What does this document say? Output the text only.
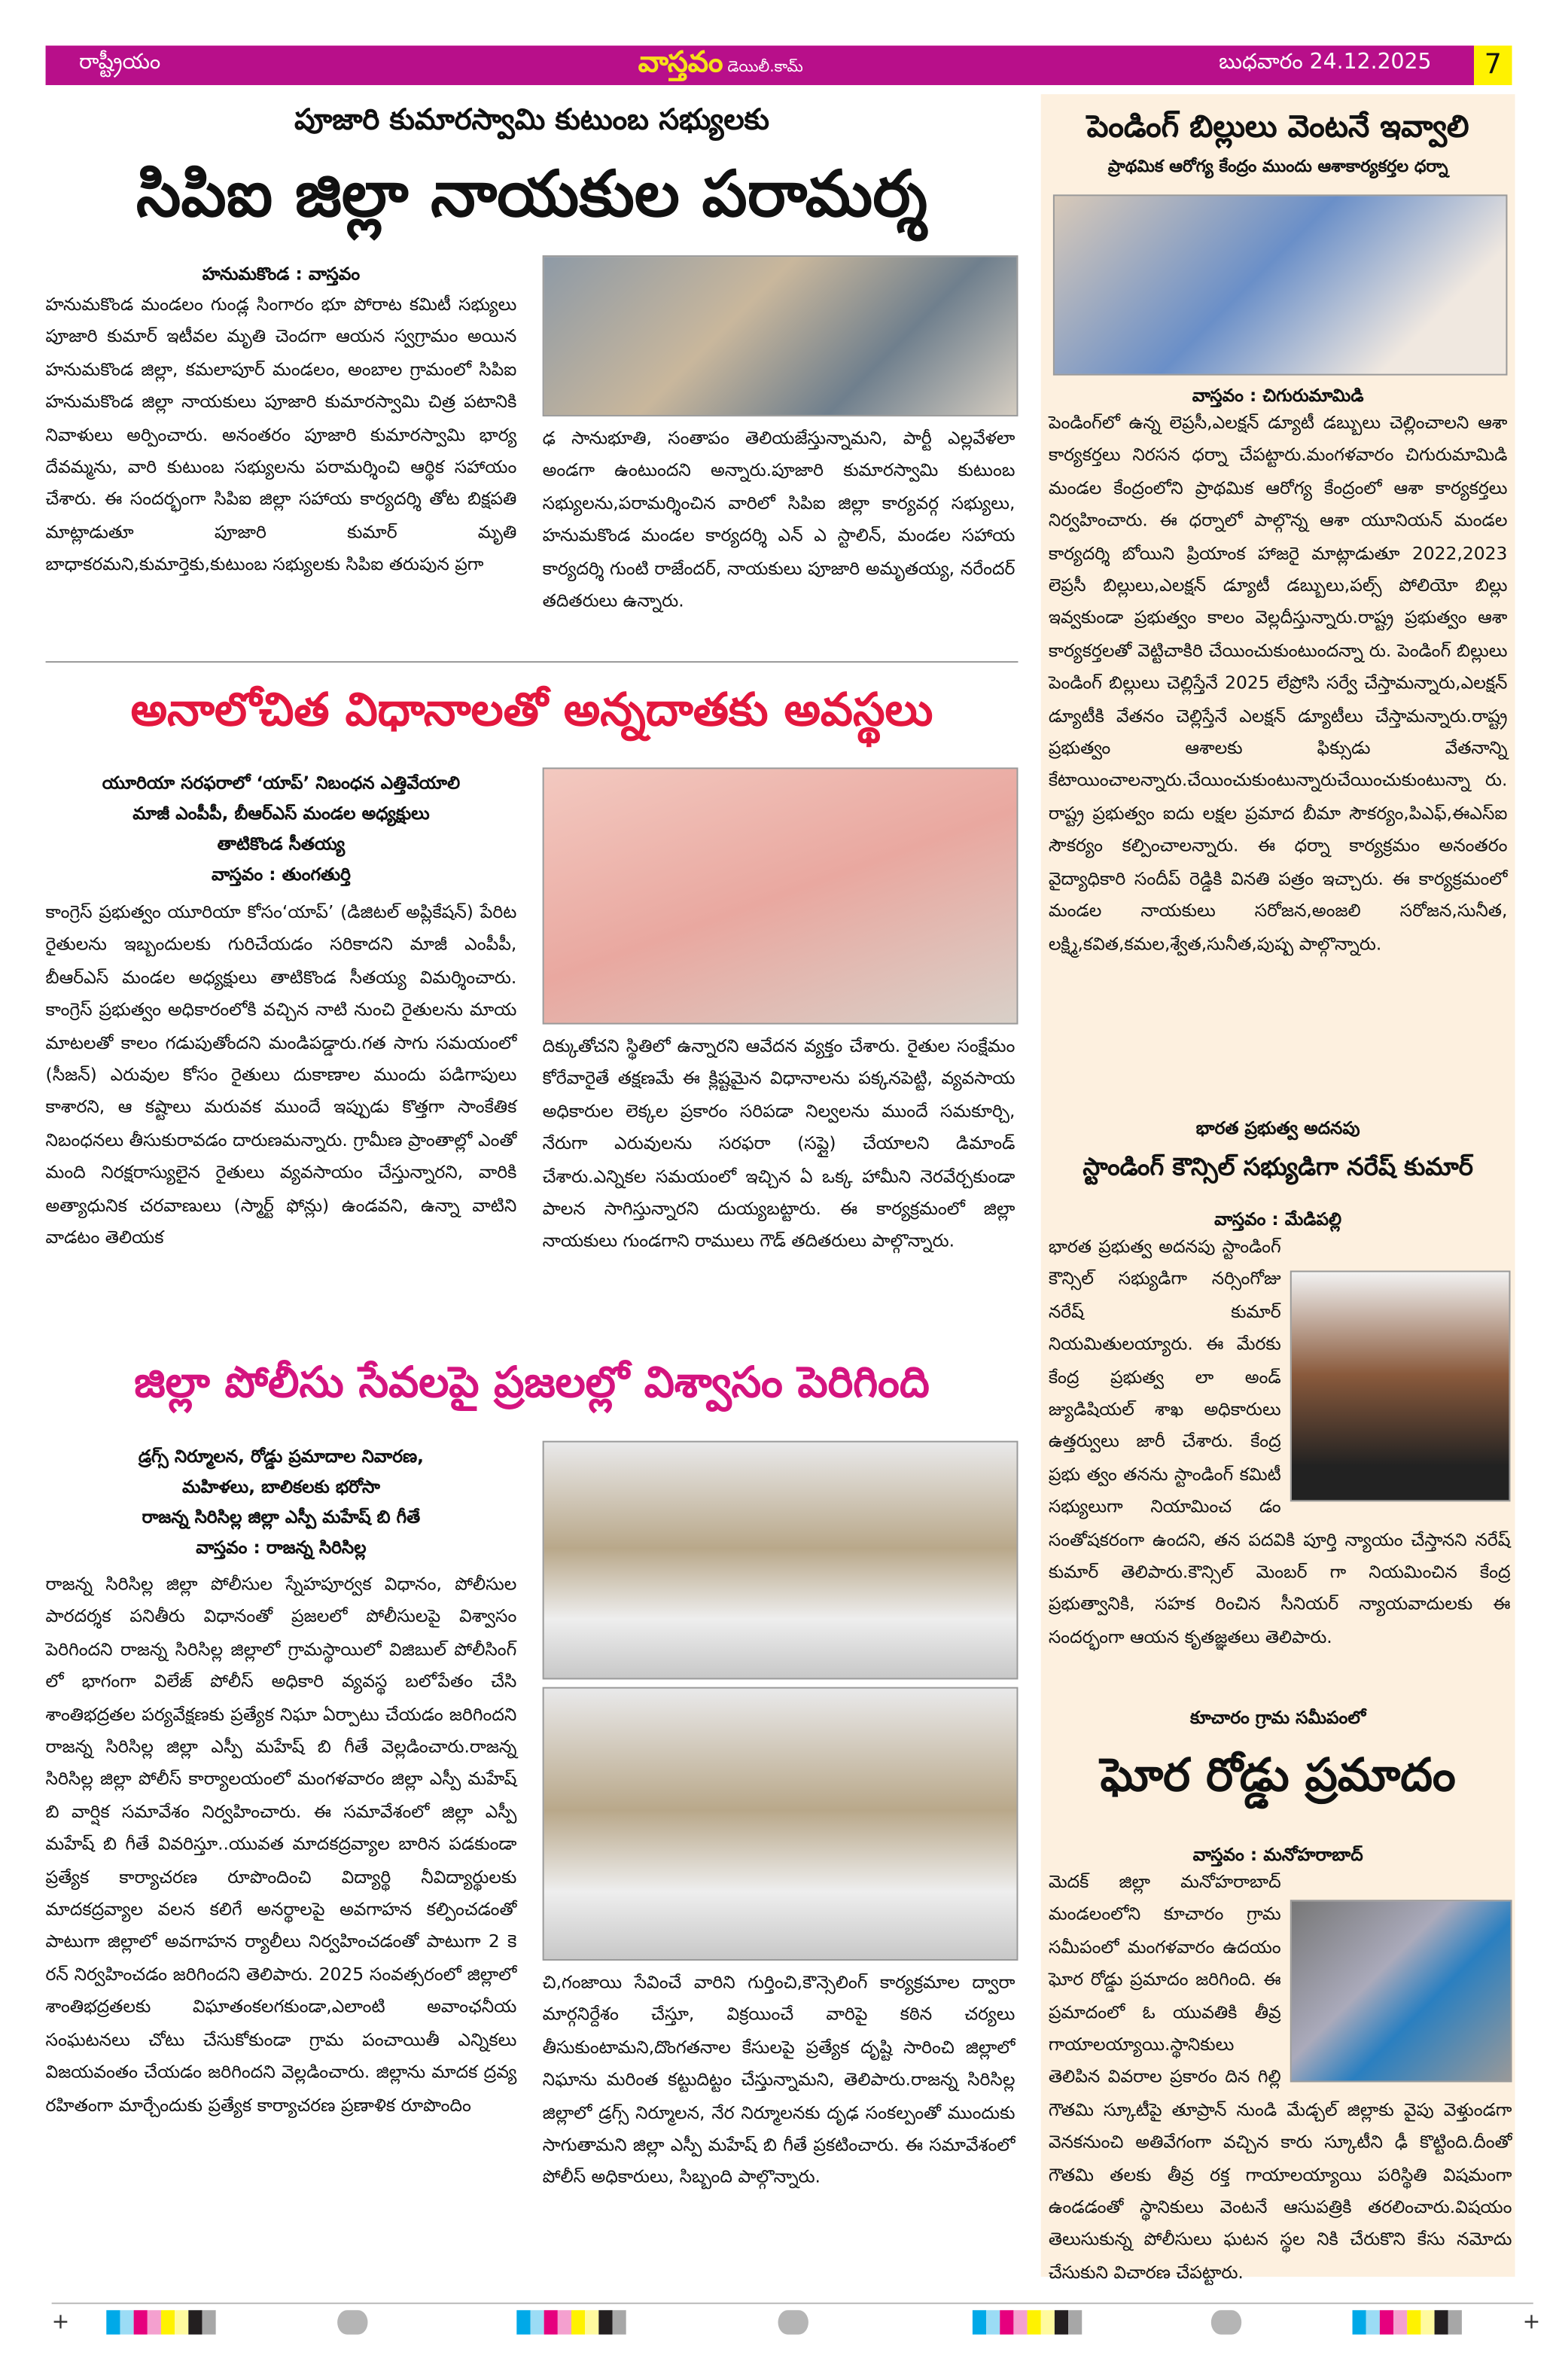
రాష్ట్రీయం	వాస్తవం డెయిలీ.కామ్	బుధవారం 24.12.2025	7
పూజారి కుమారస్వామి కుటుంబ సభ్యులకు
సిపిఐ జిల్లా నాయకుల పరామర్శ
హనుమకొండ : వాస్తవం
హనుమకొండ మండలం గుండ్ల సింగారం భూ పోరాట కమిటీ సభ్యులు పూజారి కుమార్ ఇటీవల మృతి చెందగా ఆయన స్వగ్రామం అయిన హనుమకొండ జిల్లా, కమలాపూర్ మండలం, అంబాల గ్రామంలో సిపిఐ హనుమకొండ జిల్లా నాయకులు పూజారి కుమారస్వామి చిత్ర పటానికి నివాళులు అర్పించారు. అనంతరం పూజారి కుమారస్వామి భార్య దేవమ్మను, వారి కుటుంబ సభ్యులను పరామర్శించి ఆర్థిక సహాయం చేశారు. ఈ సందర్భంగా సిపిఐ జిల్లా సహాయ కార్యదర్శి తోట బిక్షపతి మాట్లాడుతూ పూజారి కుమార్ మృతి బాధాకరమని,కుమార్తెకు,కుటుంబ సభ్యులకు సిపిఐ తరుపున ప్రగా
ఢ సానుభూతి, సంతాపం తెలియజేస్తున్నామని, పార్టీ ఎల్లవేళలా అండగా ఉంటుందని అన్నారు.పూజారి కుమారస్వామి కుటుంబ సభ్యులను,పరామర్శించిన వారిలో సిపిఐ జిల్లా కార్యవర్గ సభ్యులు, హనుమకొండ మండల కార్యదర్శి ఎన్ ఎ స్టాలిన్, మండల సహాయ కార్యదర్శి గుంటి రాజేందర్, నాయకులు పూజారి అమృతయ్య, నరేందర్ తదితరులు ఉన్నారు.
అనాలోచిత విధానాలతో అన్నదాతకు అవస్థలు
యూరియా సరఫరాలో ‘యాప్’ నిబంధన ఎత్తివేయాలి
మాజీ ఎంపీపీ, బీఆర్ఎస్ మండల అధ్యక్షులు
తాటికొండ సీతయ్య
వాస్తవం : తుంగతుర్తి
కాంగ్రెస్ ప్రభుత్వం యూరియా కోసం‘యాప్’ (డిజిటల్ అప్లికేషన్) పేరిట రైతులను ఇబ్బందులకు గురిచేయడం సరికాదని మాజీ ఎంపీపీ, బీఆర్ఎస్ మండల అధ్యక్షులు తాటికొండ సీతయ్య విమర్శించారు. కాంగ్రెస్ ప్రభుత్వం అధికారంలోకి వచ్చిన నాటి నుంచి రైతులను మాయ మాటలతో కాలం గడుపుతోందని మండిపడ్డారు.గత సాగు సమయంలో (సీజన్) ఎరువుల కోసం రైతులు దుకాణాల ముందు పడిగాపులు కాశారని, ఆ కష్టాలు మరువక ముందే ఇప్పుడు కొత్తగా సాంకేతిక నిబంధనలు తీసుకురావడం దారుణమన్నారు. గ్రామీణ ప్రాంతాల్లో ఎంతో మంది నిరక్షరాస్యులైన రైతులు వ్యవసాయం చేస్తున్నారని, వారికి అత్యాధునిక చరవాణులు (స్మార్ట్ ఫోన్లు) ఉండవని, ఉన్నా వాటిని వాడటం తెలియక
దిక్కుతోచని స్థితిలో ఉన్నారని ఆవేదన వ్యక్తం చేశారు. రైతుల సంక్షేమం కోరేవారైతే తక్షణమే ఈ క్లిష్టమైన విధానాలను పక్కనపెట్టి, వ్యవసాయ అధికారుల లెక్కల ప్రకారం సరిపడా నిల్వలను ముందే సమకూర్చి, నేరుగా ఎరువులను సరఫరా (సప్లై) చేయాలని డిమాండ్ చేశారు.ఎన్నికల సమయంలో ఇచ్చిన ఏ ఒక్క హామీని నెరవేర్చకుండా పాలన సాగిస్తున్నారని దుయ్యబట్టారు. ఈ కార్యక్రమంలో జిల్లా నాయకులు గుండగాని రాములు గౌడ్ తదితరులు పాల్గొన్నారు.
జిల్లా పోలీసు సేవలపై ప్రజలల్లో విశ్వాసం పెరిగింది
డ్రగ్స్ నిర్మూలన, రోడ్డు ప్రమాదాల నివారణ,
మహిళలు, బాలికలకు భరోసా
రాజన్న సిరిసిల్ల జిల్లా ఎస్పీ మహేష్ బి గీతే
వాస్తవం : రాజన్న సిరిసిల్ల
రాజన్న సిరిసిల్ల జిల్లా పోలీసుల స్నేహపూర్వక విధానం, పోలీసుల పారదర్శక పనితీరు విధానంతో ప్రజలలో పోలీసులపై విశ్వాసం పెరిగిందని రాజన్న సిరిసిల్ల జిల్లాలో గ్రామస్థాయిలో విజిబుల్ పోలీసింగ్ లో భాగంగా విలేజ్ పోలీస్ అధికారి వ్యవస్థ బలోపేతం చేసి శాంతిభద్రతల పర్యవేక్షణకు ప్రత్యేక నిఘా ఏర్పాటు చేయడం జరిగిందని రాజన్న సిరిసిల్ల జిల్లా ఎస్పీ మహేష్ బి గీతే వెల్లడించారు.రాజన్న సిరిసిల్ల జిల్లా పోలీస్ కార్యాలయంలో మంగళవారం జిల్లా ఎస్పీ మహేష్ బి వార్షిక సమావేశం నిర్వహించారు. ఈ సమావేశంలో జిల్లా ఎస్పీ మహేష్ బి గీతే వివరిస్తూ..యువత మాదకద్రవ్యాల బారిన పడకుండా ప్రత్యేక కార్యాచరణ రూపొందించి విద్యార్థి నీవిద్యార్థులకు మాదకద్రవ్యాల వలన కలిగే అనర్థాలపై అవగాహన కల్పించడంతో పాటుగా జిల్లాలో అవగాహన ర్యాలీలు నిర్వహించడంతో పాటుగా 2 కె రన్ నిర్వహించడం జరిగిందని తెలిపారు. 2025 సంవత్సరంలో జిల్లాలో శాంతిభద్రతలకు విఘాతంకలగకుండా,ఎలాంటి అవాంఛనీయ సంఘటనలు చోటు చేసుకోకుండా గ్రామ పంచాయితీ ఎన్నికలు విజయవంతం చేయడం జరిగిందని వెల్లడించారు. జిల్లాను మాదక ద్రవ్య రహితంగా మార్చేందుకు ప్రత్యేక కార్యాచరణ ప్రణాళిక రూపొందిం
చి,గంజాయి సేవించే వారిని గుర్తించి,కౌన్సెలింగ్ కార్యక్రమాల ద్వారా మార్గనిర్దేశం చేస్తూ, విక్రయించే వారిపై కఠిన చర్యలు తీసుకుంటామని,దొంగతనాల కేసులపై ప్రత్యేక దృష్టి సారించి జిల్లాలో నిఘాను మరింత కట్టుదిట్టం చేస్తున్నామని, తెలిపారు.రాజన్న సిరిసిల్ల జిల్లాలో డ్రగ్స్ నిర్మూలన, నేర నిర్మూలనకు దృఢ సంకల్పంతో ముందుకు సాగుతామని జిల్లా ఎస్పీ మహేష్ బి గీతే ప్రకటించారు. ఈ సమావేశంలో పోలీస్ అధికారులు, సిబ్బంది పాల్గొన్నారు.
పెండింగ్ బిల్లులు వెంటనే ఇవ్వాలి
ప్రాథమిక ఆరోగ్య కేంద్రం ముందు ఆశాకార్యకర్తల ధర్నా
వాస్తవం : చిగురుమామిడి
పెండింగ్‌లో ఉన్న లెప్రసీ,ఎలక్షన్ డ్యూటీ డబ్బులు చెల్లించాలని ఆశా కార్యకర్తలు నిరసన ధర్నా చేపట్టారు.మంగళవారం చిగురుమామిడి మండల కేంద్రంలోని ప్రాథమిక ఆరోగ్య కేంద్రంలో ఆశా కార్యకర్తలు నిర్వహించారు. ఈ ధర్నాలో పాల్గొన్న ఆశా యూనియన్ మండల కార్యదర్శి బోయిని ప్రియాంక హాజరై మాట్లాడుతూ 2022,2023 లెప్రసీ బిల్లులు,ఎలక్షన్ డ్యూటీ డబ్బులు,పల్స్ పోలియో బిల్లు ఇవ్వకుండా ప్రభుత్వం కాలం వెల్లదీస్తున్నారు.రాష్ట్ర ప్రభుత్వం ఆశా కార్యకర్తలతో వెట్టిచాకిరి చేయించుకుంటుందన్నా రు. పెండింగ్ బిల్లులు పెండింగ్ బిల్లులు చెల్లిస్తేనే 2025 లేప్రోసి సర్వే చేస్తామన్నారు,ఎలక్షన్ డ్యూటీకి వేతనం చెల్లిస్తేనే ఎలక్షన్ డ్యూటీలు చేస్తామన్నారు.రాష్ట్ర ప్రభుత్వం ఆశాలకు ఫిక్సుడు వేతనాన్ని కేటాయించాలన్నారు.చేయించుకుంటున్నారుచేయించుకుంటున్నా రు. రాష్ట్ర ప్రభుత్వం ఐదు లక్షల ప్రమాద బీమా సౌకర్యం,పిఎఫ్,ఈఎస్ఐ సౌకర్యం కల్పించాలన్నారు. ఈ ధర్నా కార్యక్రమం అనంతరం వైద్యాధికారి సందీప్ రెడ్డికి వినతి పత్రం ఇచ్చారు. ఈ కార్యక్రమంలో మండల నాయకులు సరోజన,అంజలి సరోజన,సునీత, లక్ష్మి,కవిత,కమల,శ్వేత,సునీత,పుష్ప పాల్గొన్నారు.
భారత ప్రభుత్వ అదనపు
స్టాండింగ్ కౌన్సిల్ సభ్యుడిగా నరేష్ కుమార్
వాస్తవం : మేడిపల్లి
భారత ప్రభుత్వ అదనపు స్టాండింగ్ కౌన్సిల్ సభ్యుడిగా నర్సింగోజు నరేష్ కుమార్ నియమితులయ్యారు. ఈ మేరకు కేంద్ర ప్రభుత్వ లా అండ్ జ్యుడిషియల్ శాఖ అధికారులు ఉత్తర్వులు జారీ చేశారు. కేంద్ర ప్రభు త్వం తనను స్టాండింగ్ కమిటీ సభ్యులుగా నియామించ డం సంతోషకరంగా ఉందని, తన పదవికి పూర్తి న్యాయం చేస్తానని నరేష్ కుమార్ తెలిపారు.కౌన్సిల్ మెంబర్ గా నియమించిన కేంద్ర ప్రభుత్వానికి, సహక రించిన సీనియర్ న్యాయవాదులకు ఈ సందర్భంగా ఆయన కృతజ్ఞతలు తెలిపారు.
కూచారం గ్రామ సమీపంలో
ఘోర రోడ్డు ప్రమాదం
వాస్తవం : మనోహరాబాద్
మెదక్ జిల్లా మనోహరాబాద్ మండలంలోని కూచారం గ్రామ సమీపంలో మంగళవారం ఉదయం ఘోర రోడ్డు ప్రమాదం జరిగింది. ఈ ప్రమాదంలో ఓ యువతికి తీవ్ర గాయాలయ్యాయి.స్థానికులు తెలిపిన వివరాల ప్రకారం దిన గిల్లి గౌతమి స్కూటీపై తూప్రాన్ నుండి మేడ్చల్ జిల్లాకు వైపు వెళ్తుండగా వెనకనుంచి అతివేగంగా వచ్చిన కారు స్కూటీని ఢీ కొట్టింది.దీంతో గౌతమి తలకు తీవ్ర రక్త గాయాలయ్యాయి పరిస్థితి విషమంగా ఉండడంతో స్థానికులు వెంటనే ఆసుపత్రికి తరలించారు.విషయం తెలుసుకున్న పోలీసులు ఘటన స్థల నికి చేరుకొని కేసు నమోదు చేసుకుని విచారణ చేపట్టారు.
+	+
